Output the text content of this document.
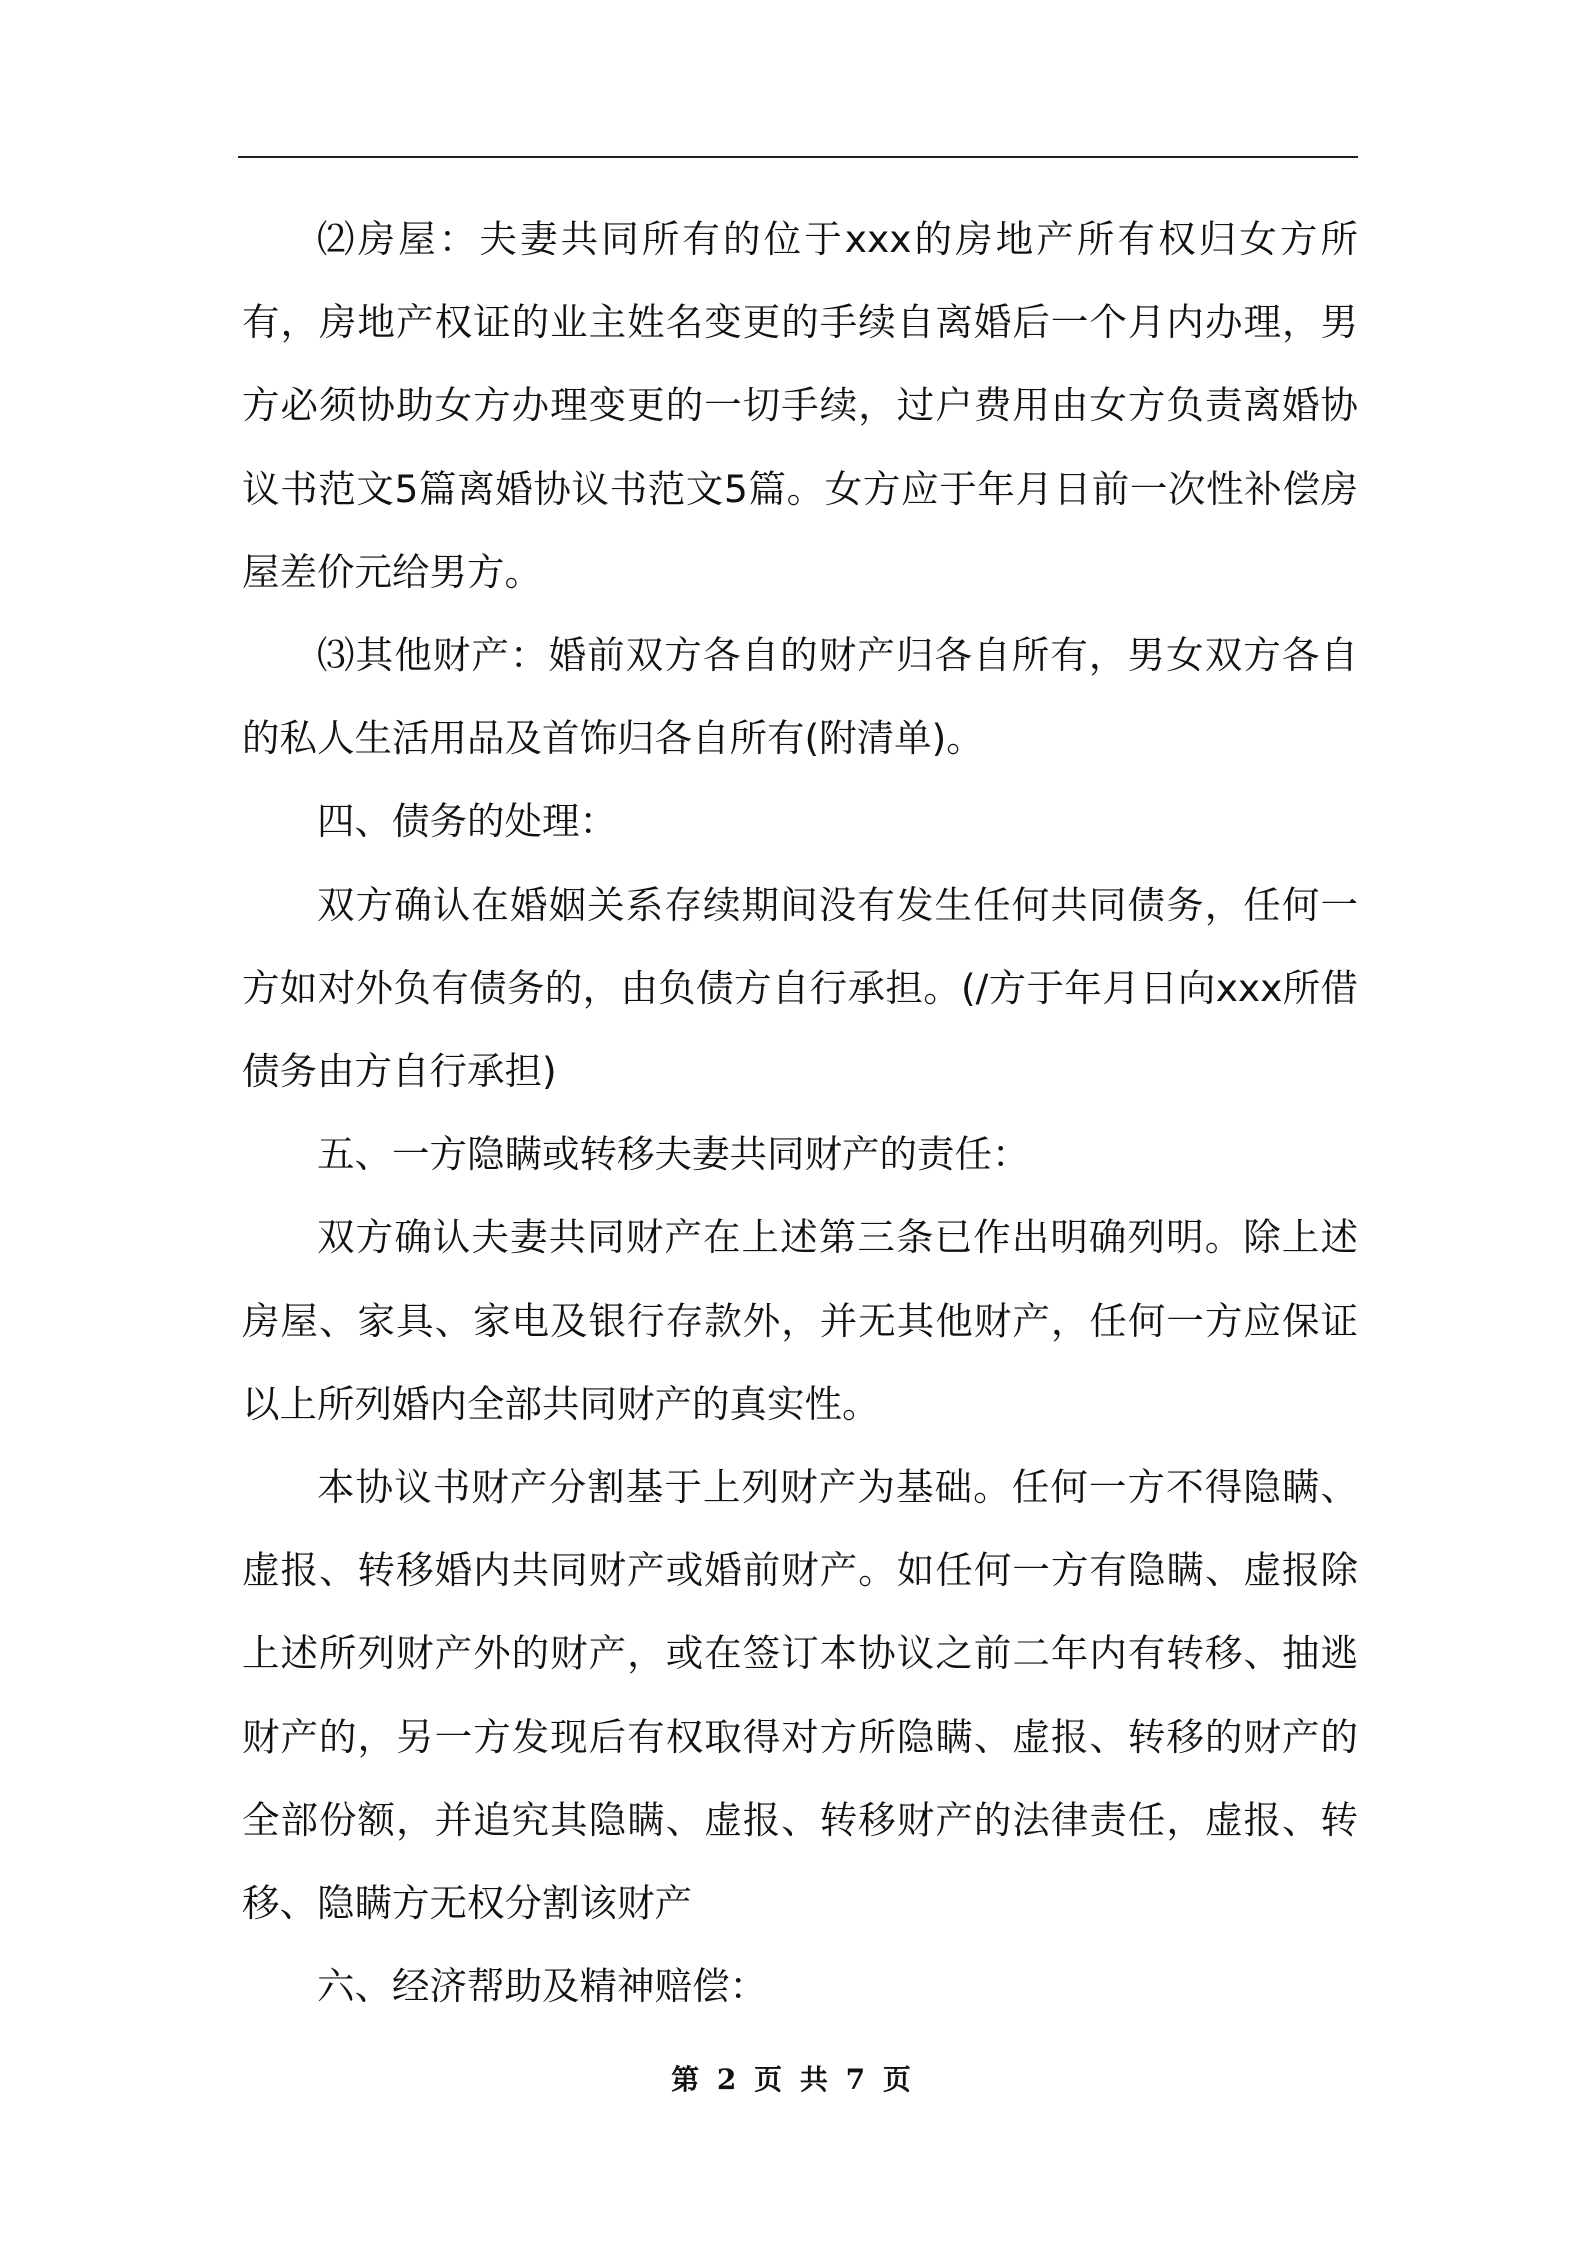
⑵房屋：夫妻共同所有的位于xxx的房地产所有权归女方所有，房地产权证的业主姓名变更的手续自离婚后一个月内办理，男方必须协助女方办理变更的一切手续，过户费用由女方负责离婚协议书范文5篇离婚协议书范文5篇。女方应于年月日前一次性补偿房屋差价元给男方。

⑶其他财产：婚前双方各自的财产归各自所有，男女双方各自的私人生活用品及首饰归各自所有(附清单)。

四、债务的处理：

双方确认在婚姻关系存续期间没有发生任何共同债务，任何一方如对外负有债务的，由负债方自行承担。(/方于年月日向xxx所借债务由方自行承担)

五、一方隐瞒或转移夫妻共同财产的责任：

双方确认夫妻共同财产在上述第三条已作出明确列明。除上述房屋、家具、家电及银行存款外，并无其他财产，任何一方应保证以上所列婚内全部共同财产的真实性。

本协议书财产分割基于上列财产为基础。任何一方不得隐瞒、虚报、转移婚内共同财产或婚前财产。如任何一方有隐瞒、虚报除上述所列财产外的财产，或在签订本协议之前二年内有转移、抽逃财产的，另一方发现后有权取得对方所隐瞒、虚报、转移的财产的全部份额，并追究其隐瞒、虚报、转移财产的法律责任，虚报、转移、隐瞒方无权分割该财产

六、经济帮助及精神赔偿：

第 2 页 共 7 页
